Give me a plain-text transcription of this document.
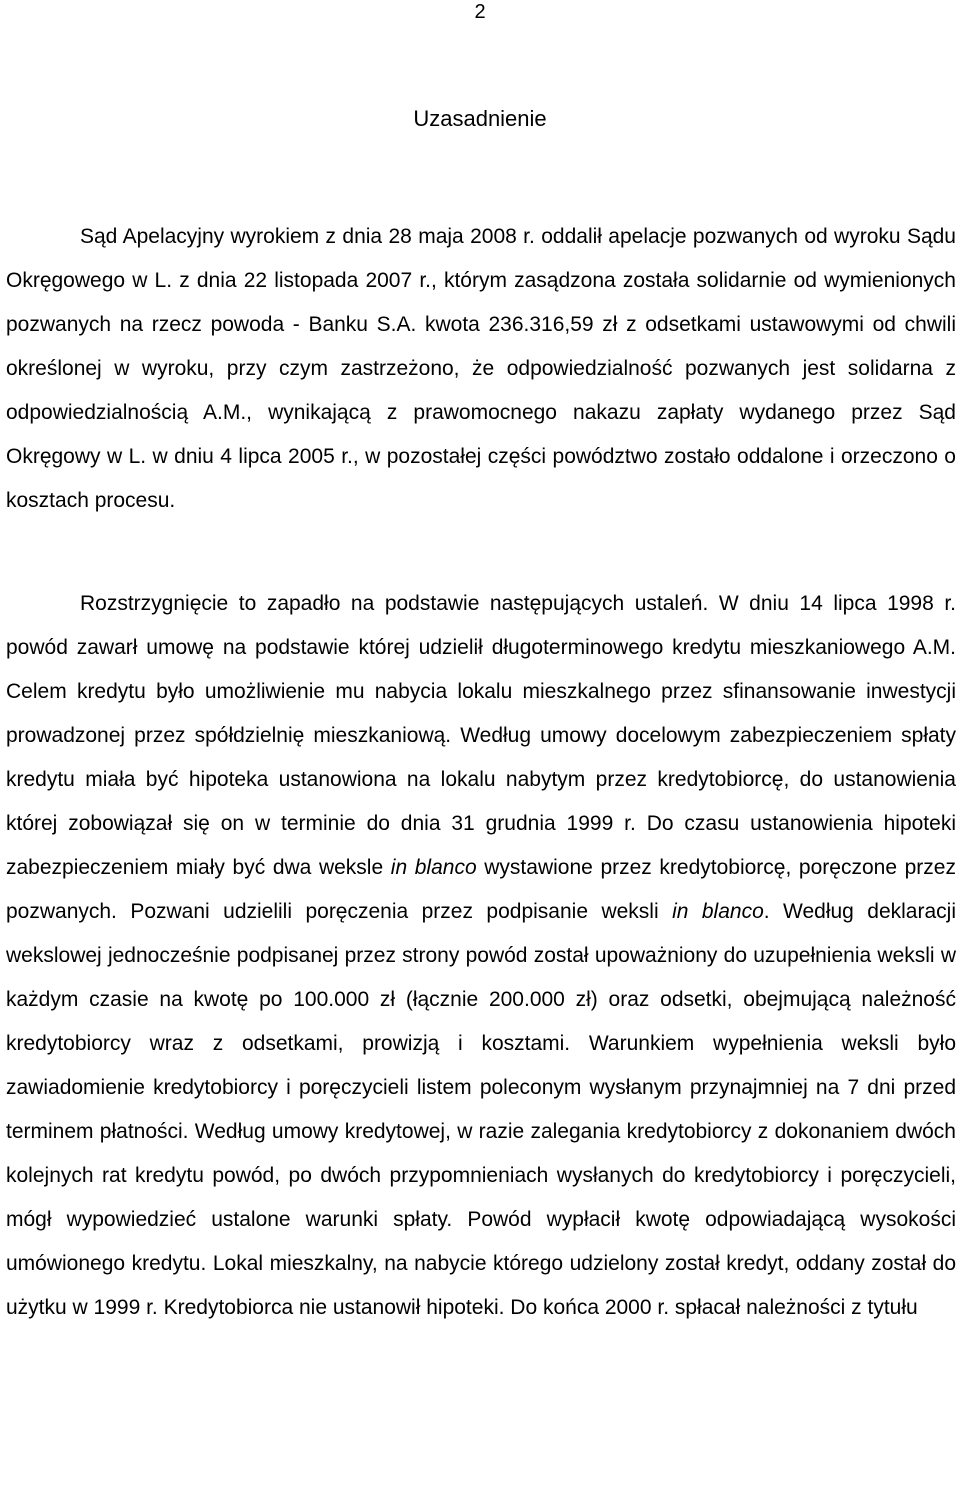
2
Uzasadnienie

Sąd Apelacyjny wyrokiem z dnia 28 maja 2008 r. oddalił apelacje pozwanych od wyroku Sądu Okręgowego w L. z dnia 22 listopada 2007 r., którym zasądzona została solidarnie od wymienionych pozwanych na rzecz powoda - Banku S.A. kwota 236.316,59 zł z odsetkami ustawowymi od chwili określonej w wyroku, przy czym zastrzeżono, że odpowiedzialność pozwanych jest solidarna z odpowiedzialnością A.M., wynikającą z prawomocnego nakazu zapłaty wydanego przez Sąd Okręgowy w L. w dniu 4 lipca 2005 r., w pozostałej części powództwo zostało oddalone i orzeczono o kosztach procesu.

Rozstrzygnięcie to zapadło na podstawie następujących ustaleń. W dniu 14 lipca 1998 r. powód zawarł umowę na podstawie której udzielił długoterminowego kredytu mieszkaniowego A.M. Celem kredytu było umożliwienie mu nabycia lokalu mieszkalnego przez sfinansowanie inwestycji prowadzonej przez spółdzielnię mieszkaniową. Według umowy docelowym zabezpieczeniem spłaty kredytu miała być hipoteka ustanowiona na lokalu nabytym przez kredytobiorcę, do ustanowienia której zobowiązał się on w terminie do dnia 31 grudnia 1999 r. Do czasu ustanowienia hipoteki zabezpieczeniem miały być dwa weksle in blanco wystawione przez kredytobiorcę, poręczone przez pozwanych. Pozwani udzielili poręczenia przez podpisanie weksli in blanco. Według deklaracji wekslowej jednocześnie podpisanej przez strony powód został upoważniony do uzupełnienia weksli w każdym czasie na kwotę po 100.000 zł (łącznie 200.000 zł) oraz odsetki, obejmującą należność kredytobiorcy wraz z odsetkami, prowizją i kosztami. Warunkiem wypełnienia weksli było zawiadomienie kredytobiorcy i poręczycieli listem poleconym wysłanym przynajmniej na 7 dni przed terminem płatności. Według umowy kredytowej, w razie zalegania kredytobiorcy z dokonaniem dwóch kolejnych rat kredytu powód, po dwóch przypomnieniach wysłanych do kredytobiorcy i poręczycieli, mógł wypowiedzieć ustalone warunki spłaty. Powód wypłacił kwotę odpowiadającą wysokości umówionego kredytu. Lokal mieszkalny, na nabycie którego udzielony został kredyt, oddany został do użytku w 1999 r. Kredytobiorca nie ustanowił hipoteki. Do końca 2000 r. spłacał należności z tytułu
